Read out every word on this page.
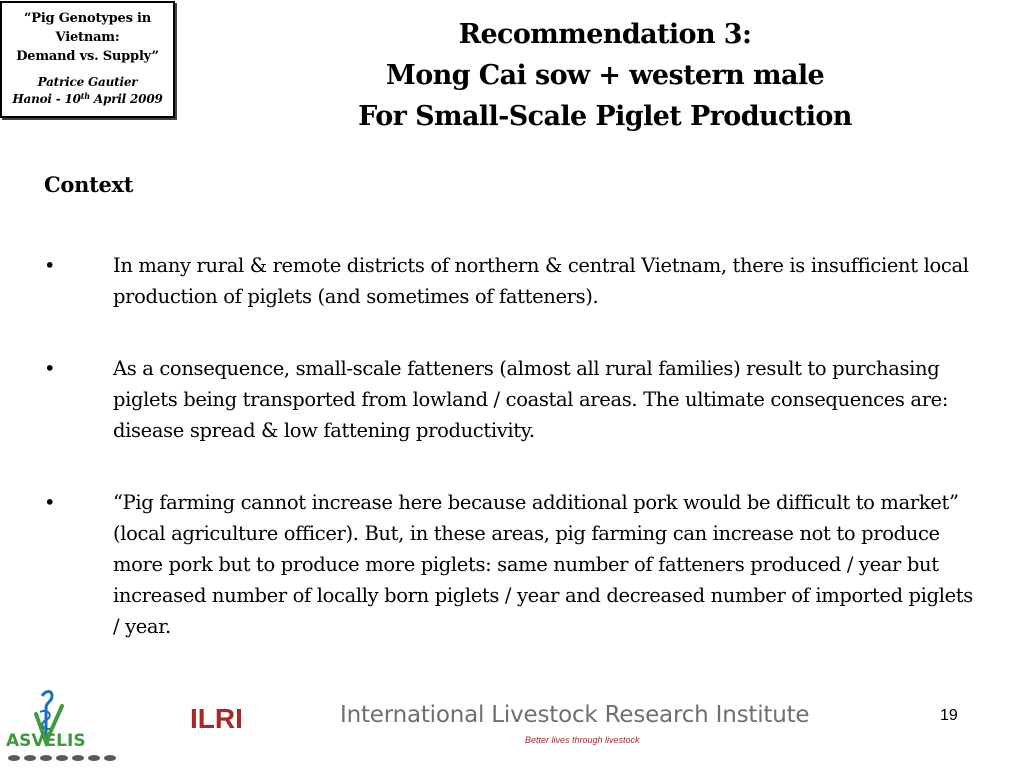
“Pig Genotypes in
Vietnam:
Demand vs. Supply”
Patrice Gautier
Hanoi - 10th April 2009
Recommendation 3:
Mong Cai sow + western male
For Small-Scale Piglet Production
Context
•	In many rural & remote districts of northern & central Vietnam, there is insufficient local production of piglets (and sometimes of fatteners).
•	As a consequence, small-scale fatteners (almost all rural families) result to purchasing piglets being transported from lowland / coastal areas. The ultimate consequences are: disease spread & low fattening productivity.
•	“Pig farming cannot increase here because additional pork would be difficult to market” (local agriculture officer). But, in these areas, pig farming can increase not to produce more pork but to produce more piglets: same number of fatteners produced / year but increased number of locally born piglets / year and decreased number of imported piglets / year.
ASVELIS
ILRI	International Livestock Research Institute
Better lives through livestock
19
